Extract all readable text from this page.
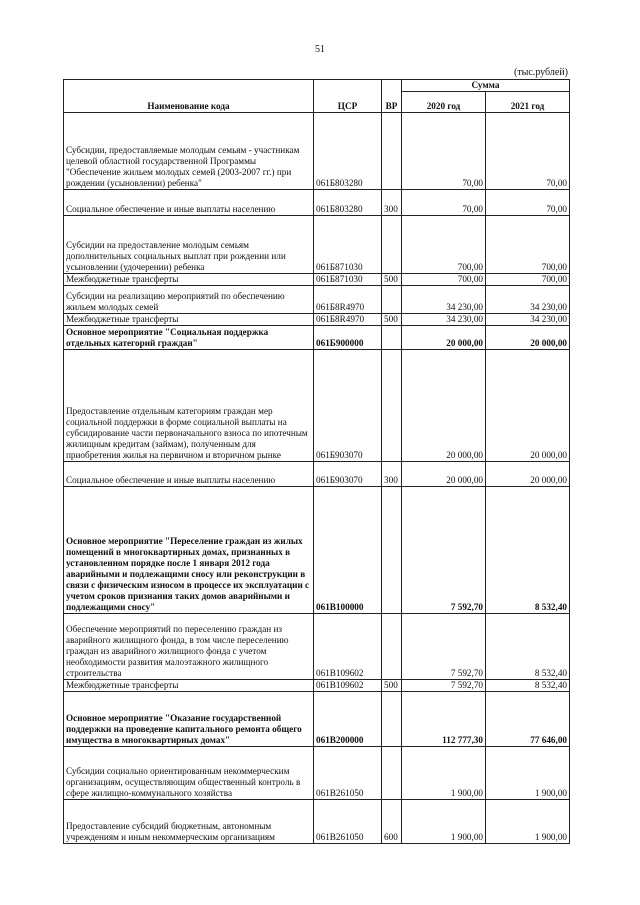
51
(тыс.рублей)
Наименование кода	ЦСР	ВР	Сумма	
			2020 год	2021 год
Субсидии, предоставляемые молодым семьям - участникам целевой областной государственной Программы "Обеспечение жильем молодых семей (2003-2007 гг.) при рождении (усыновлении) ребенка"	061Б803280		70,00	70,00
Социальное обеспечение и иные выплаты населению	061Б803280	300	70,00	70,00
Субсидии на предоставление молодым семьям дополнительных социальных выплат при рождении или усыновлении (удочерении) ребенка	061Б871030		700,00	700,00
Межбюджетные трансферты	061Б871030	500	700,00	700,00
Субсидии на реализацию мероприятий по обеспечению жильем молодых семей	061Б8R4970		34 230,00	34 230,00
Межбюджетные трансферты	061Б8R4970	500	34 230,00	34 230,00
Основное мероприятие "Социальная поддержка отдельных категорий граждан"	061Б900000		20 000,00	20 000,00
Предоставление отдельным категориям граждан мер социальной поддержки в форме социальной выплаты на субсидирование части первоначального взноса по ипотечным жилищным кредитам (займам), полученным для приобретения жилья на первичном и вторичном рынке	061Б903070		20 000,00	20 000,00
Социальное обеспечение и иные выплаты населению	061Б903070	300	20 000,00	20 000,00
Основное мероприятие "Переселение граждан из жилых помещений в многоквартирных домах, признанных в установленном порядке после 1 января 2012 года аварийными и подлежащими сносу или реконструкции в связи с физическим износом в процессе их эксплуатации с учетом сроков признания таких домов аварийными и подлежащими сносу"	061В100000		7 592,70	8 532,40
Обеспечение мероприятий по переселению граждан из аварийного жилищного фонда, в том числе переселению граждан из аварийного жилищного фонда с учетом необходимости развития малоэтажного жилищного строительства	061В109602		7 592,70	8 532,40
Межбюджетные трансферты	061В109602	500	7 592,70	8 532,40
Основное мероприятие "Оказание государственной поддержки на проведение капитального ремонта общего имущества в многоквартирных домах"	061В200000		112 777,30	77 646,00
Субсидии социально ориентированным некоммерческим организациям, осуществляющим общественный контроль в сфере жилищно-коммунального хозяйства	061В261050		1 900,00	1 900,00
Предоставление субсидий бюджетным, автономным учреждениям и иным некоммерческим организациям	061В261050	600	1 900,00	1 900,00
